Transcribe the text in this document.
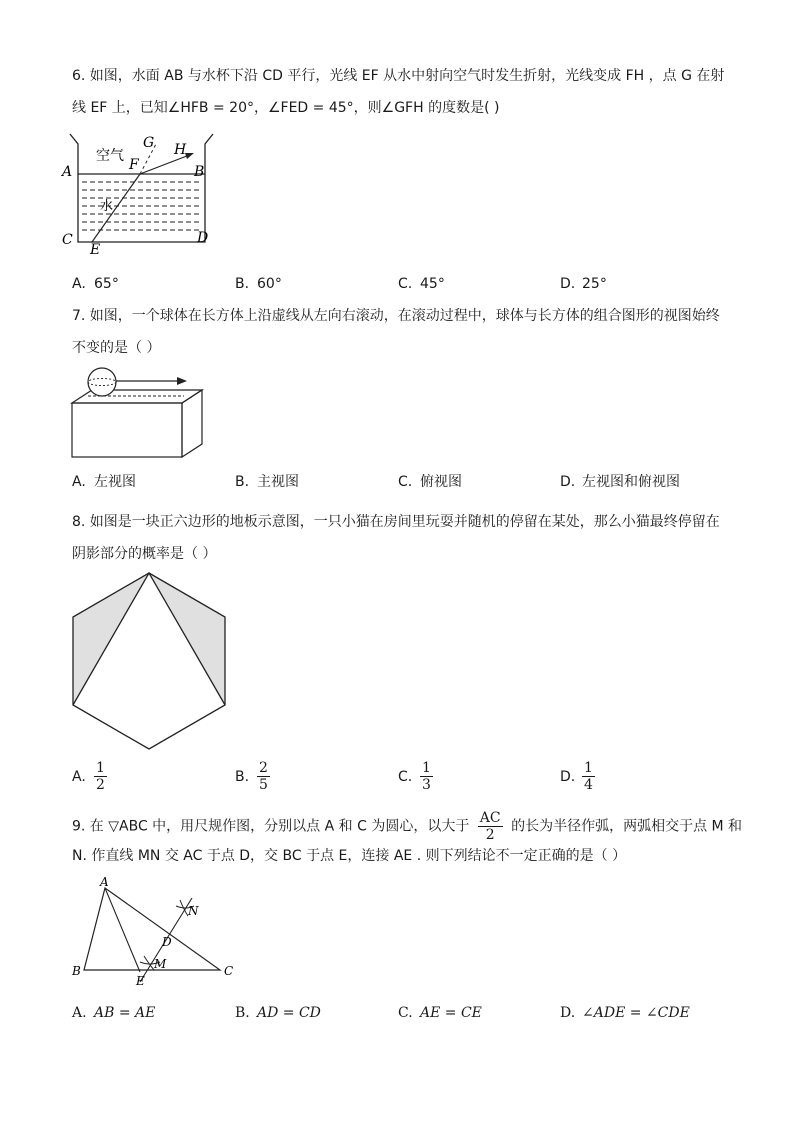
6. 如图，水面 AB 与水杯下沿 CD 平行，光线 EF 从水中射向空气时发生折射，光线变成 FH ，点 G 在射
线 EF 上，已知∠HFB = 20°，∠FED = 45°，则∠GFH 的度数是( )
空气
水
A	B
C	D
E
F
G H
A. 65°	B. 60°	C. 45°	D. 25°
7. 如图，一个球体在长方体上沿虚线从左向右滚动，在滚动过程中，球体与长方体的组合图形的视图始终
不变的是（ ）
A. 左视图	B. 主视图	C. 俯视图	D. 左视图和俯视图
8. 如图是一块正六边形的地板示意图，一只小猫在房间里玩耍并随机的停留在某处，那么小猫最终停留在
阴影部分的概率是（ ）
A. $\frac{1}{2}$	B. $\frac{2}{5}$	C. $\frac{1}{3}$	D. $\frac{1}{4}$
9. 在 ▽ABC 中，用尺规作图，分别以点 A 和 C 为圆心，以大于 $\frac{AC}{2}$ 的长为半径作弧，两弧相交于点 M 和
N. 作直线 MN 交 AC 于点 D，交 BC 于点 E，连接 AE . 则下列结论不一定正确的是（ ）
A
B	C
D
E
M
N
A. AB = AE	B. AD = CD	C. AE = CE	D. ∠ADE = ∠CDE
